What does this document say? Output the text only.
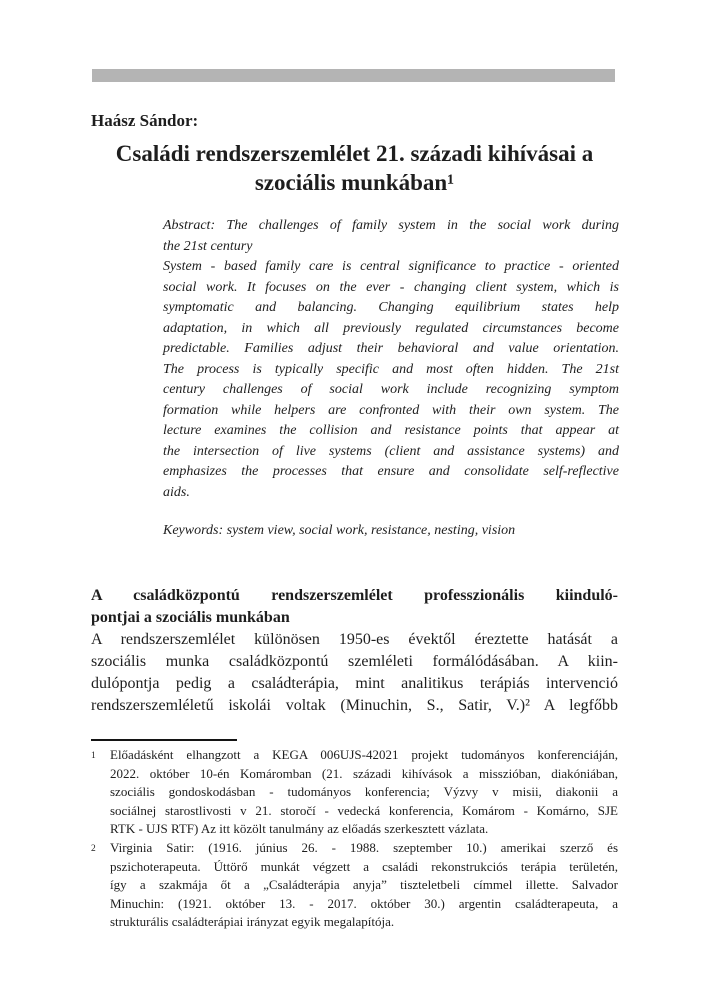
Haász Sándor:
Családi rendszerszemlélet 21. századi kihívásai a
szociális munkában¹
Abstract: The challenges of family system in the social work during
the 21st century
System - based family care is central significance to practice - oriented
social work. It focuses on the ever - changing client system, which is
symptomatic and balancing. Changing equilibrium states help
adaptation, in which all previously regulated circumstances become
predictable. Families adjust their behavioral and value orientation.
The process is typically specific and most often hidden. The 21st
century challenges of social work include recognizing symptom
formation while helpers are confronted with their own system. The
lecture examines the collision and resistance points that appear at
the intersection of live systems (client and assistance systems) and
emphasizes the processes that ensure and consolidate self-reflective
aids.
Keywords: system view, social work, resistance, nesting, vision
A családközpontú rendszerszemlélet professzionális kiinduló-
pontjai a szociális munkában
A rendszerszemlélet különösen 1950-es évektől éreztette hatását a
szociális munka családközpontú szemléleti formálódásában. A kiin-
dulópontja pedig a családterápia, mint analitikus terápiás intervenció
rendszerszemléletű iskolái voltak (Minuchin, S., Satir, V.)² A legfőbb
1	Előadásként elhangzott a KEGA 006UJS-42021 projekt tudományos konferenciáján,
2022. október 10-én Komáromban (21. századi kihívások a misszióban, diakóniában,
szociális gondoskodásban - tudományos konferencia; Výzvy v misii, diakonii a
sociálnej starostlivosti v 21. storočí - vedecká konferencia, Komárom - Komárno, SJE
RTK - UJS RTF) Az itt közölt tanulmány az előadás szerkesztett vázlata.
2	Virginia Satir: (1916. június 26. - 1988. szeptember 10.) amerikai szerző és
pszichoterapeuta. Úttörő munkát végzett a családi rekonstrukciós terápia területén,
így a szakmája őt a „Családterápia anyja” tiszteletbeli címmel illette. Salvador
Minuchin: (1921. október 13. - 2017. október 30.) argentin családterapeuta, a
strukturális családterápiai irányzat egyik megalapítója.
